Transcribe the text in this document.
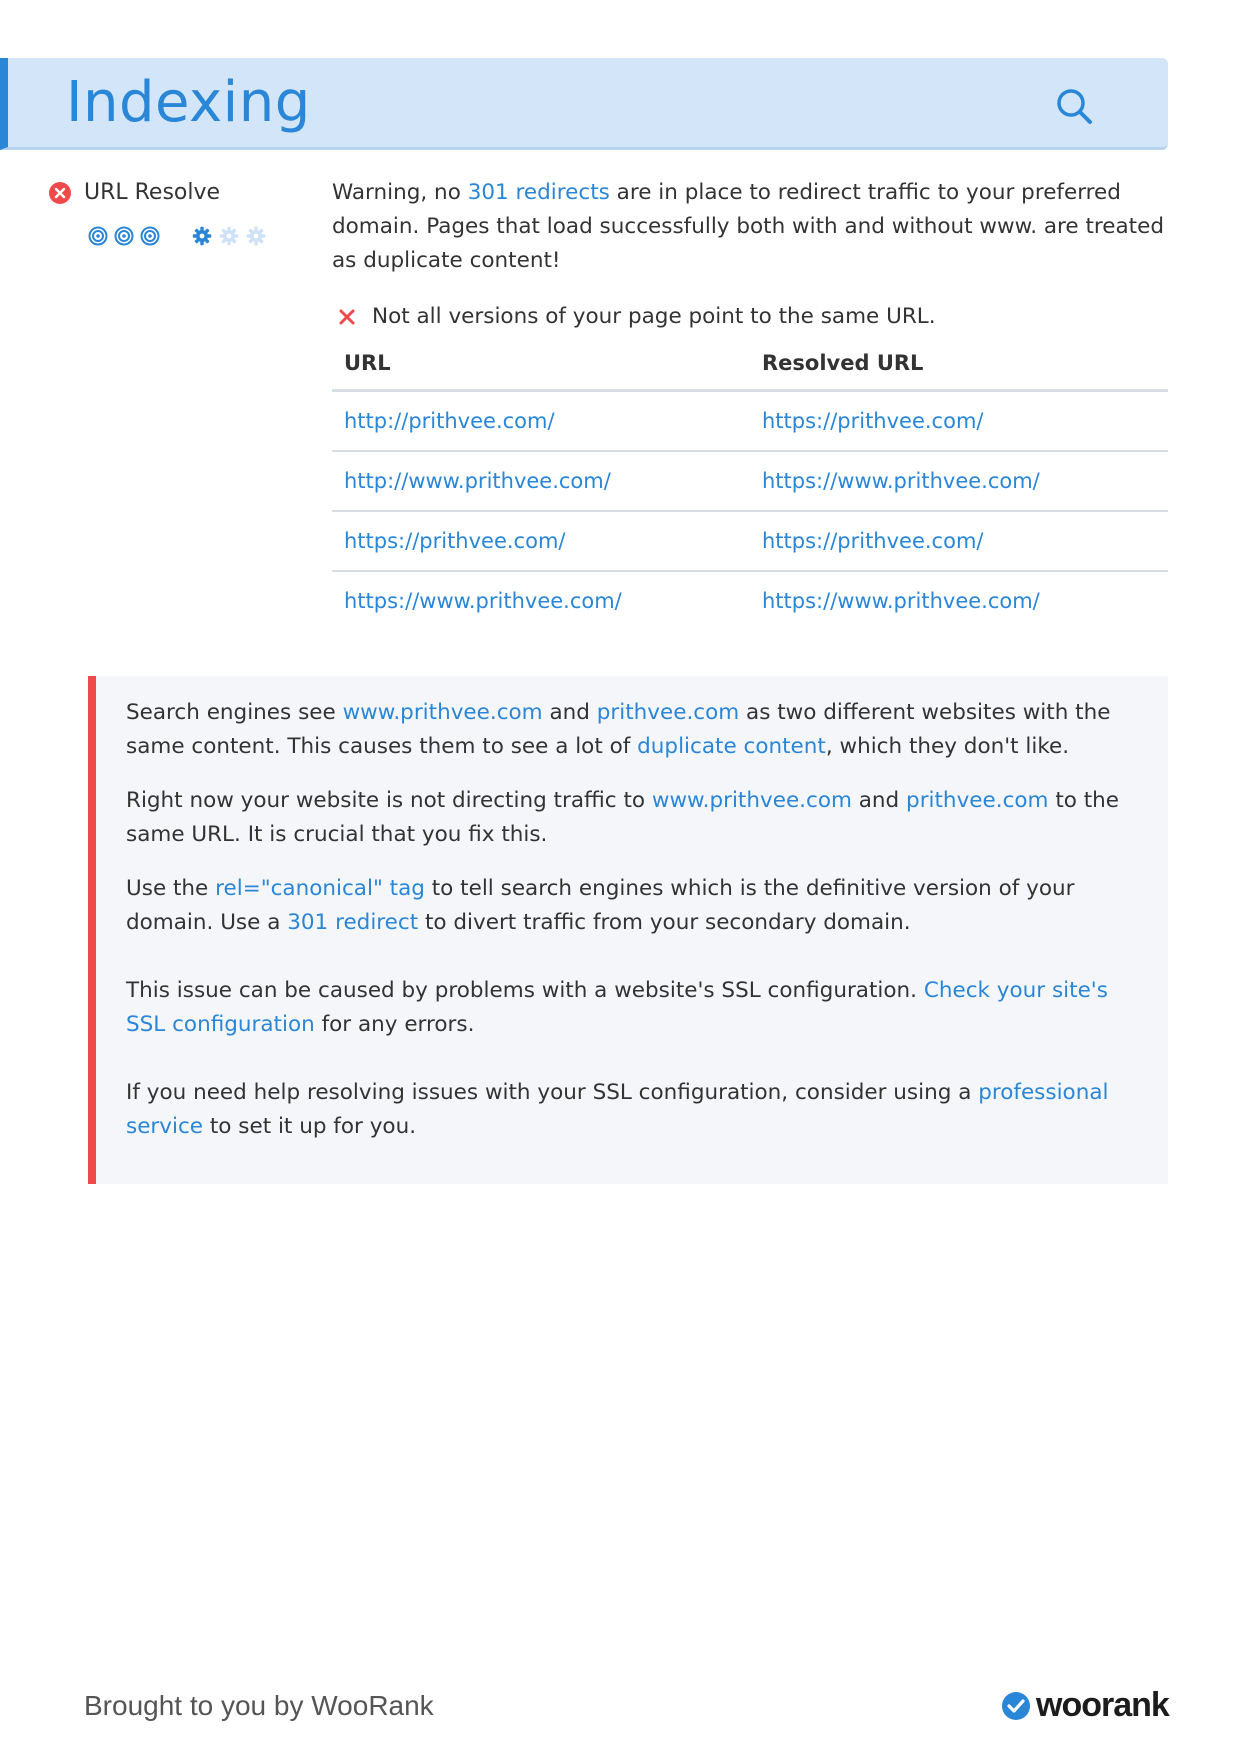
Indexing
URL Resolve	Warning, no 301 redirects are in place to redirect traffic to your preferred domain. Pages that load successfully both with and without www. are treated as duplicate content!

Not all versions of your page point to the same URL.
URL	Resolved URL
http://prithvee.com/	https://prithvee.com/
http://www.prithvee.com/	https://www.prithvee.com/
https://prithvee.com/	https://prithvee.com/
https://www.prithvee.com/	https://www.prithvee.com/

Search engines see www.prithvee.com and prithvee.com as two different websites with the same content. This causes them to see a lot of duplicate content, which they don't like.

Right now your website is not directing traffic to www.prithvee.com and prithvee.com to the same URL. It is crucial that you fix this.

Use the rel="canonical" tag to tell search engines which is the definitive version of your domain. Use a 301 redirect to divert traffic from your secondary domain.

This issue can be caused by problems with a website's SSL configuration. Check your site's SSL configuration for any errors.

If you need help resolving issues with your SSL configuration, consider using a professional service to set it up for you.

Brought to you by WooRank	woorank
